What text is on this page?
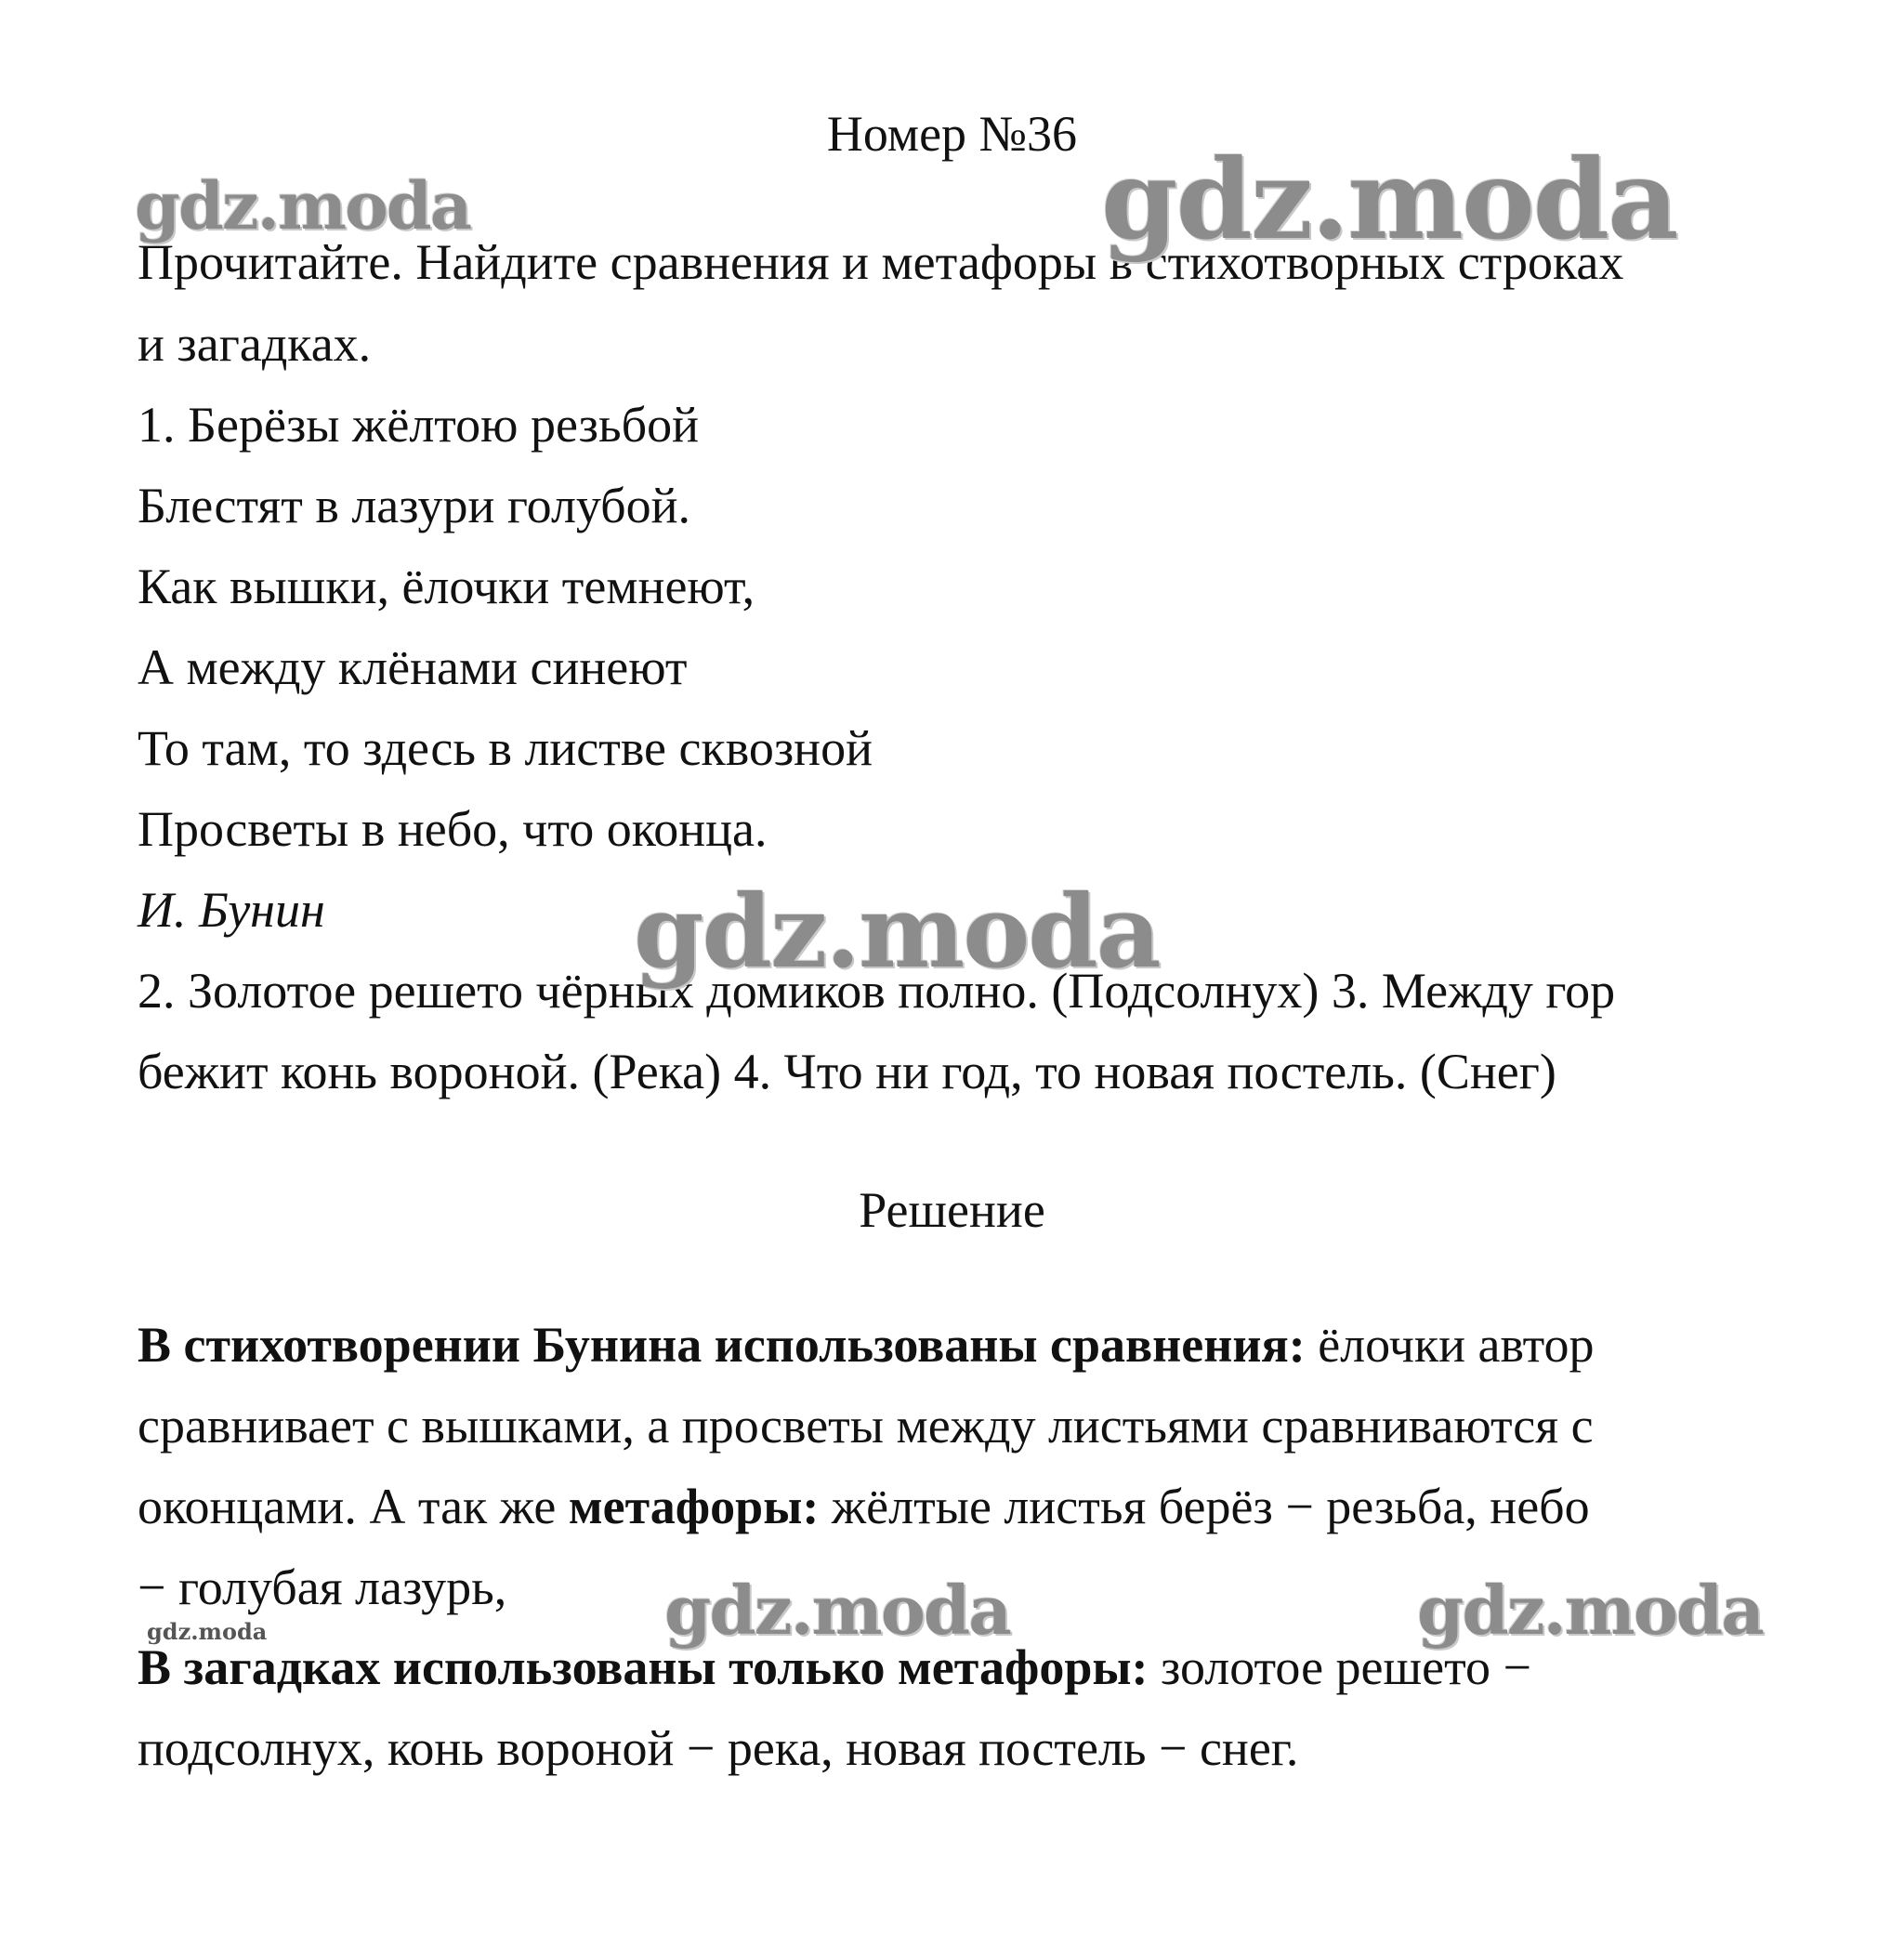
Номер №36

Прочитайте. Найдите сравнения и метафоры в стихотворных строках

и загадках.

1. Берёзы жёлтою резьбой

Блестят в лазури голубой.

Как вышки, ёлочки темнеют,

А между клёнами синеют

То там, то здесь в листве сквозной

Просветы в небо, что оконца.

И. Бунин

2. Золотое решето чёрных домиков полно. (Подсолнух) 3. Между гор

бежит конь вороной. (Река) 4. Что ни год, то новая постель. (Снег)

Решение

В стихотворении Бунина использованы сравнения: ёлочки автор

сравнивает с вышками, а просветы между листьями сравниваются с

оконцами. А так же метафоры: жёлтые листья берёз − резьба, небо

− голубая лазурь,

В загадках использованы только метафоры: золотое решето −

подсолнух, конь вороной − река, новая постель − снег.

gdz.moda	gdz.moda

gdz.moda

gdz.moda	gdz.moda

gdz.moda
